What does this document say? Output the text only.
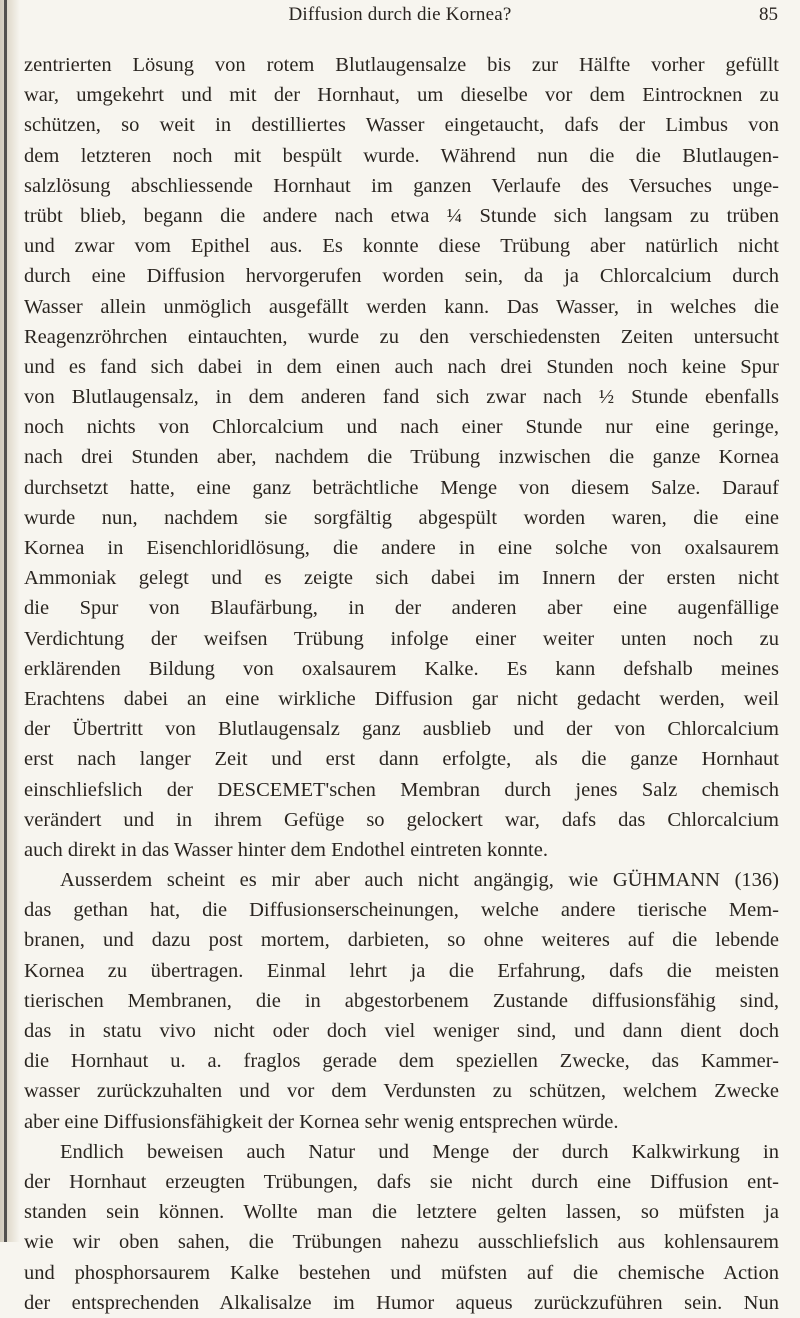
Diffusion durch die Kornea?	85
zentrierten Lösung von rotem Blutlaugensalze bis zur Hälfte vorher gefüllt
war, umgekehrt und mit der Hornhaut, um dieselbe vor dem Eintrocknen zu
schützen, so weit in destilliertes Wasser eingetaucht, dafs der Limbus von
dem letzteren noch mit bespült wurde. Während nun die die Blutlaugen-
salzlösung abschliessende Hornhaut im ganzen Verlaufe des Versuches unge-
trübt blieb, begann die andere nach etwa ¼ Stunde sich langsam zu trüben
und zwar vom Epithel aus. Es konnte diese Trübung aber natürlich nicht
durch eine Diffusion hervorgerufen worden sein, da ja Chlorcalcium durch
Wasser allein unmöglich ausgefällt werden kann. Das Wasser, in welches die
Reagenzröhrchen eintauchten, wurde zu den verschiedensten Zeiten untersucht
und es fand sich dabei in dem einen auch nach drei Stunden noch keine Spur
von Blutlaugensalz, in dem anderen fand sich zwar nach ½ Stunde ebenfalls
noch nichts von Chlorcalcium und nach einer Stunde nur eine geringe,
nach drei Stunden aber, nachdem die Trübung inzwischen die ganze Kornea
durchsetzt hatte, eine ganz beträchtliche Menge von diesem Salze. Darauf
wurde nun, nachdem sie sorgfältig abgespült worden waren, die eine
Kornea in Eisenchloridlösung, die andere in eine solche von oxalsaurem
Ammoniak gelegt und es zeigte sich dabei im Innern der ersten nicht
die Spur von Blaufärbung, in der anderen aber eine augenfällige
Verdichtung der weifsen Trübung infolge einer weiter unten noch zu
erklärenden Bildung von oxalsaurem Kalke. Es kann defshalb meines
Erachtens dabei an eine wirkliche Diffusion gar nicht gedacht werden, weil
der Übertritt von Blutlaugensalz ganz ausblieb und der von Chlorcalcium
erst nach langer Zeit und erst dann erfolgte, als die ganze Hornhaut
einschliefslich der DESCEMET'schen Membran durch jenes Salz chemisch
verändert und in ihrem Gefüge so gelockert war, dafs das Chlorcalcium
auch direkt in das Wasser hinter dem Endothel eintreten konnte.
Ausserdem scheint es mir aber auch nicht angängig, wie GÜHMANN (136)
das gethan hat, die Diffusionserscheinungen, welche andere tierische Mem-
branen, und dazu post mortem, darbieten, so ohne weiteres auf die lebende
Kornea zu übertragen. Einmal lehrt ja die Erfahrung, dafs die meisten
tierischen Membranen, die in abgestorbenem Zustande diffusionsfähig sind,
das in statu vivo nicht oder doch viel weniger sind, und dann dient doch
die Hornhaut u. a. fraglos gerade dem speziellen Zwecke, das Kammer-
wasser zurückzuhalten und vor dem Verdunsten zu schützen, welchem Zwecke
aber eine Diffusionsfähigkeit der Kornea sehr wenig entsprechen würde.
Endlich beweisen auch Natur und Menge der durch Kalkwirkung in
der Hornhaut erzeugten Trübungen, dafs sie nicht durch eine Diffusion ent-
standen sein können. Wollte man die letztere gelten lassen, so müfsten ja
wie wir oben sahen, die Trübungen nahezu ausschliefslich aus kohlensaurem
und phosphorsaurem Kalke bestehen und müfsten auf die chemische Action
der entsprechenden Alkalisalze im Humor aqueus zurückzuführen sein. Nun
